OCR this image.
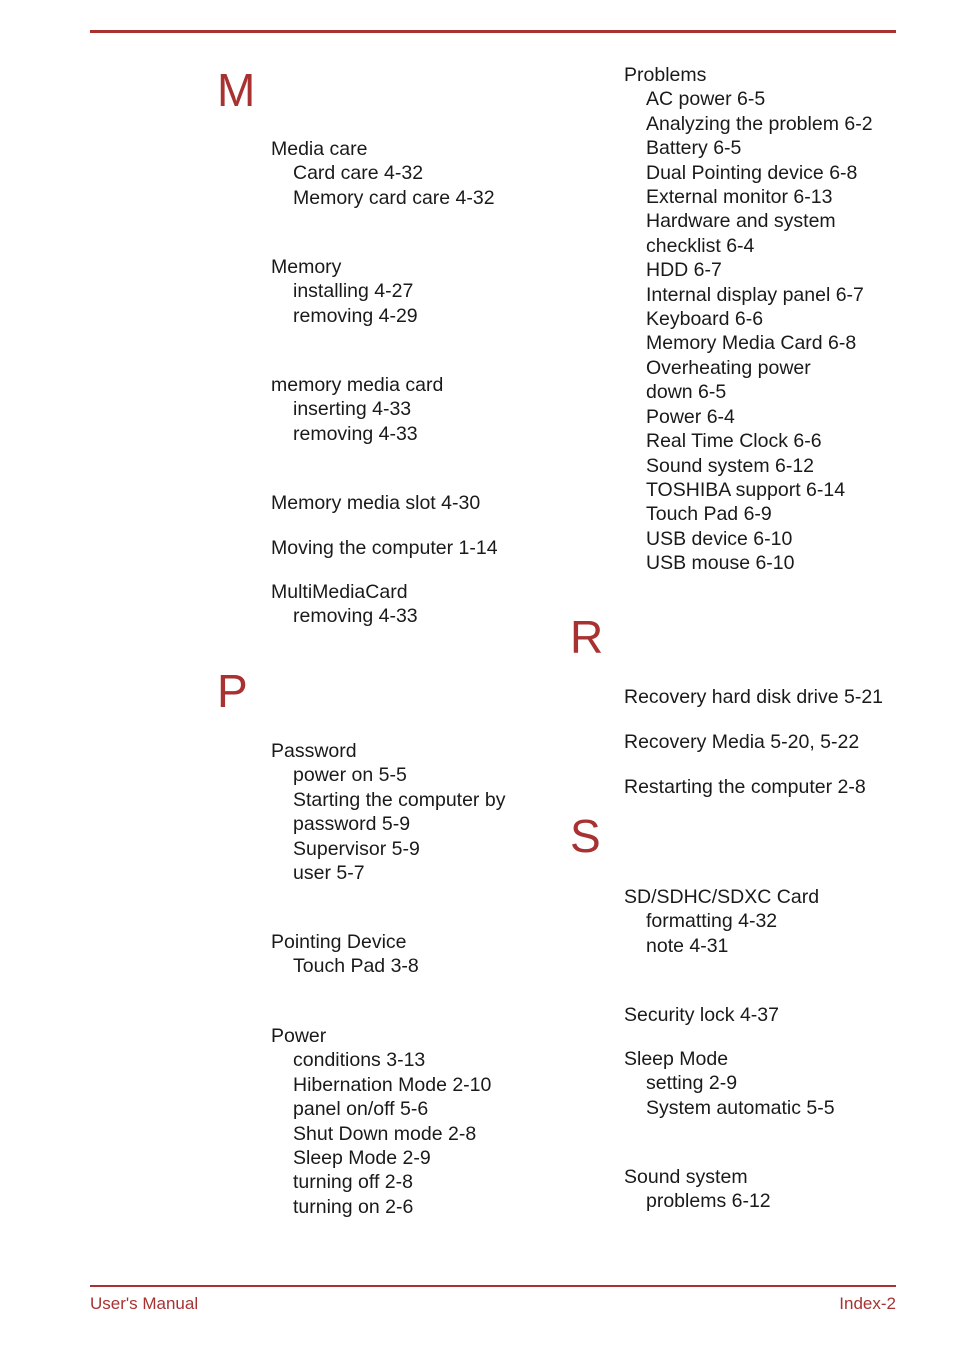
M
Media care
Card care 4-32
Memory card care 4-32
Memory
installing 4-27
removing 4-29
memory media card
inserting 4-33
removing 4-33
Memory media slot 4-30
Moving the computer 1-14
MultiMediaCard
removing 4-33
P
Password
power on 5-5
Starting the computer by
password 5-9
Supervisor 5-9
user 5-7
Pointing Device
Touch Pad 3-8
Power
conditions 3-13
Hibernation Mode 2-10
panel on/off 5-6
Shut Down mode 2-8
Sleep Mode 2-9
turning off 2-8
turning on 2-6
Problems
AC power 6-5
Analyzing the problem 6-2
Battery 6-5
Dual Pointing device 6-8
External monitor 6-13
Hardware and system
checklist 6-4
HDD 6-7
Internal display panel 6-7
Keyboard 6-6
Memory Media Card 6-8
Overheating power
down 6-5
Power 6-4
Real Time Clock 6-6
Sound system 6-12
TOSHIBA support 6-14
Touch Pad 6-9
USB device 6-10
USB mouse 6-10
R
Recovery hard disk drive 5-21
Recovery Media 5-20, 5-22
Restarting the computer 2-8
S
SD/SDHC/SDXC Card
formatting 4-32
note 4-31
Security lock 4-37
Sleep Mode
setting 2-9
System automatic 5-5
Sound system
problems 6-12
User's Manual	Index-2
